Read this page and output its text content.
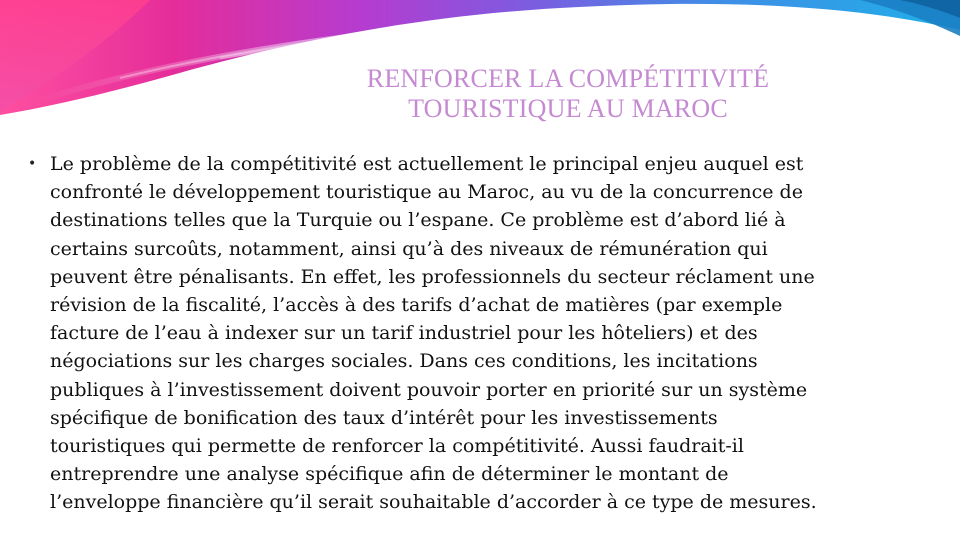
RENFORCER LA COMPÉTITIVITÉ
TOURISTIQUE AU MAROC
• Le problème de la compétitivité est actuellement le principal enjeu auquel est
confronté le développement touristique au Maroc, au vu de la concurrence de
destinations telles que la Turquie ou l’espane. Ce problème est d’abord lié à
certains surcoûts, notamment, ainsi qu’à des niveaux de rémunération qui
peuvent être pénalisants. En effet, les professionnels du secteur réclament une
révision de la fiscalité, l’accès à des tarifs d’achat de matières (par exemple
facture de l’eau à indexer sur un tarif industriel pour les hôteliers) et des
négociations sur les charges sociales. Dans ces conditions, les incitations
publiques à l’investissement doivent pouvoir porter en priorité sur un système
spécifique de bonification des taux d’intérêt pour les investissements
touristiques qui permette de renforcer la compétitivité. Aussi faudrait-il
entreprendre une analyse spécifique afin de déterminer le montant de
l’enveloppe financière qu’il serait souhaitable d’accorder à ce type de mesures.
